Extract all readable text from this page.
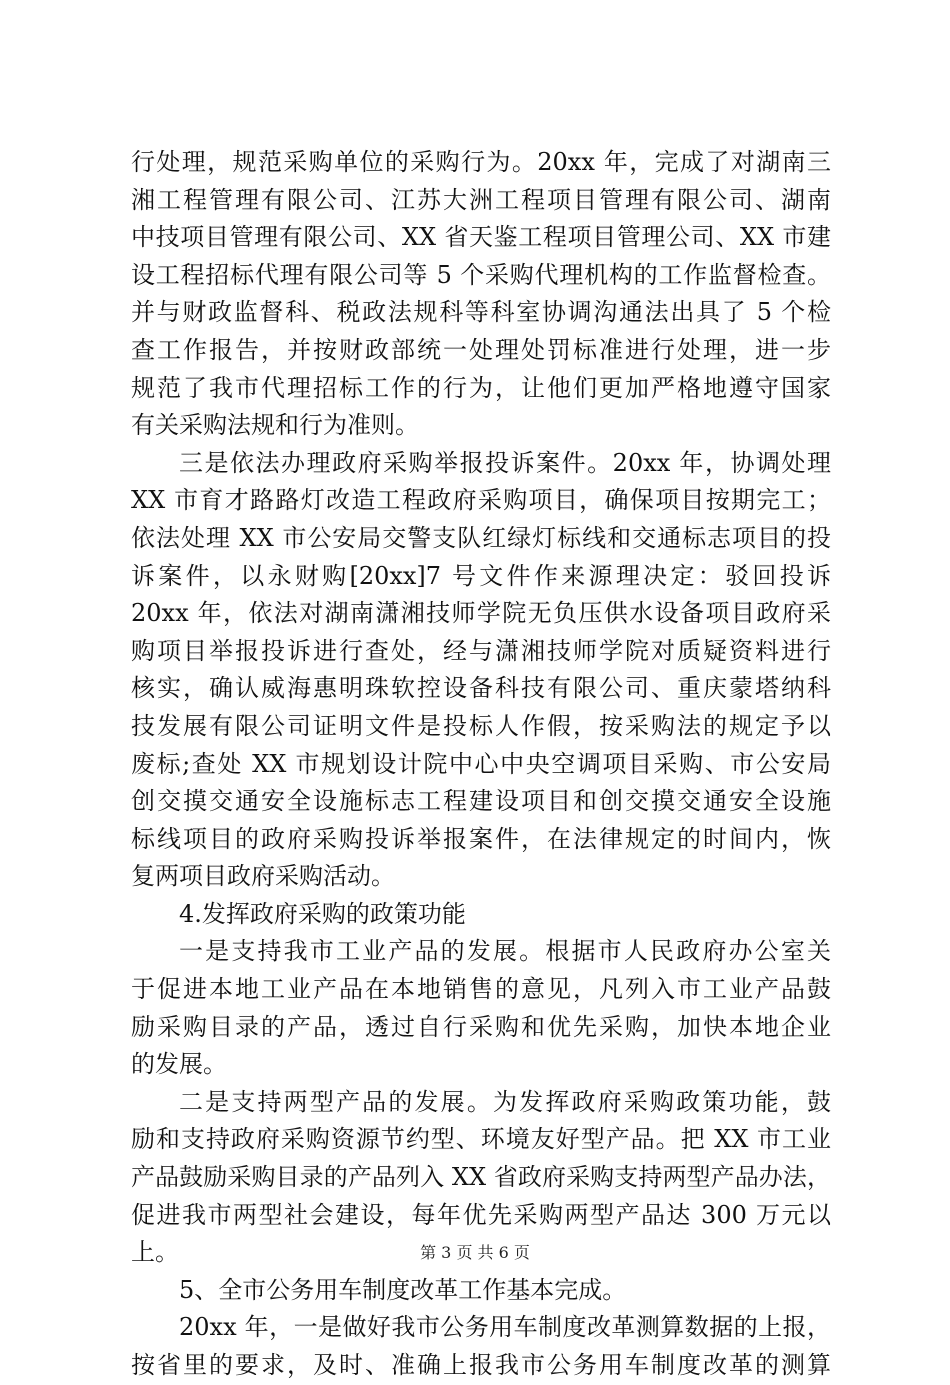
行处理，规范采购单位的采购行为。20xx 年，完成了对湖南三
湘工程管理有限公司、江苏大洲工程项目管理有限公司、湖南
中技项目管理有限公司、XX 省天鉴工程项目管理公司、XX 市建
设工程招标代理有限公司等 5 个采购代理机构的工作监督检查。
并与财政监督科、税政法规科等科室协调沟通法出具了 5 个检
查工作报告，并按财政部统一处理处罚标准进行处理，进一步
规范了我市代理招标工作的行为，让他们更加严格地遵守国家
有关采购法规和行为准则。
三是依法办理政府采购举报投诉案件。20xx 年，协调处理
XX 市育才路路灯改造工程政府采购项目，确保项目按期完工；
依法处理 XX 市公安局交警支队红绿灯标线和交通标志项目的投
诉案件，以永财购[20xx]7 号文件作来源理决定：驳回投诉
20xx 年，依法对湖南潇湘技师学院无负压供水设备项目政府采
购项目举报投诉进行查处，经与潇湘技师学院对质疑资料进行
核实，确认威海惠明珠软控设备科技有限公司、重庆蒙塔纳科
技发展有限公司证明文件是投标人作假，按采购法的规定予以
废标;查处 XX 市规划设计院中心中央空调项目采购、市公安局
创交摸交通安全设施标志工程建设项目和创交摸交通安全设施
标线项目的政府采购投诉举报案件，在法律规定的时间内，恢
复两项目政府采购活动。
4.发挥政府采购的政策功能
一是支持我市工业产品的发展。根据市人民政府办公室关
于促进本地工业产品在本地销售的意见，凡列入市工业产品鼓
励采购目录的产品，透过自行采购和优先采购，加快本地企业
的发展。
二是支持两型产品的发展。为发挥政府采购政策功能，鼓
励和支持政府采购资源节约型、环境友好型产品。把 XX 市工业
产品鼓励采购目录的产品列入 XX 省政府采购支持两型产品办法，
促进我市两型社会建设，每年优先采购两型产品达 300 万元以
上。
5、全市公务用车制度改革工作基本完成。
20xx 年，一是做好我市公务用车制度改革测算数据的上报，
按省里的要求，及时、准确上报我市公务用车制度改革的测算
第 3 页 共 6 页
